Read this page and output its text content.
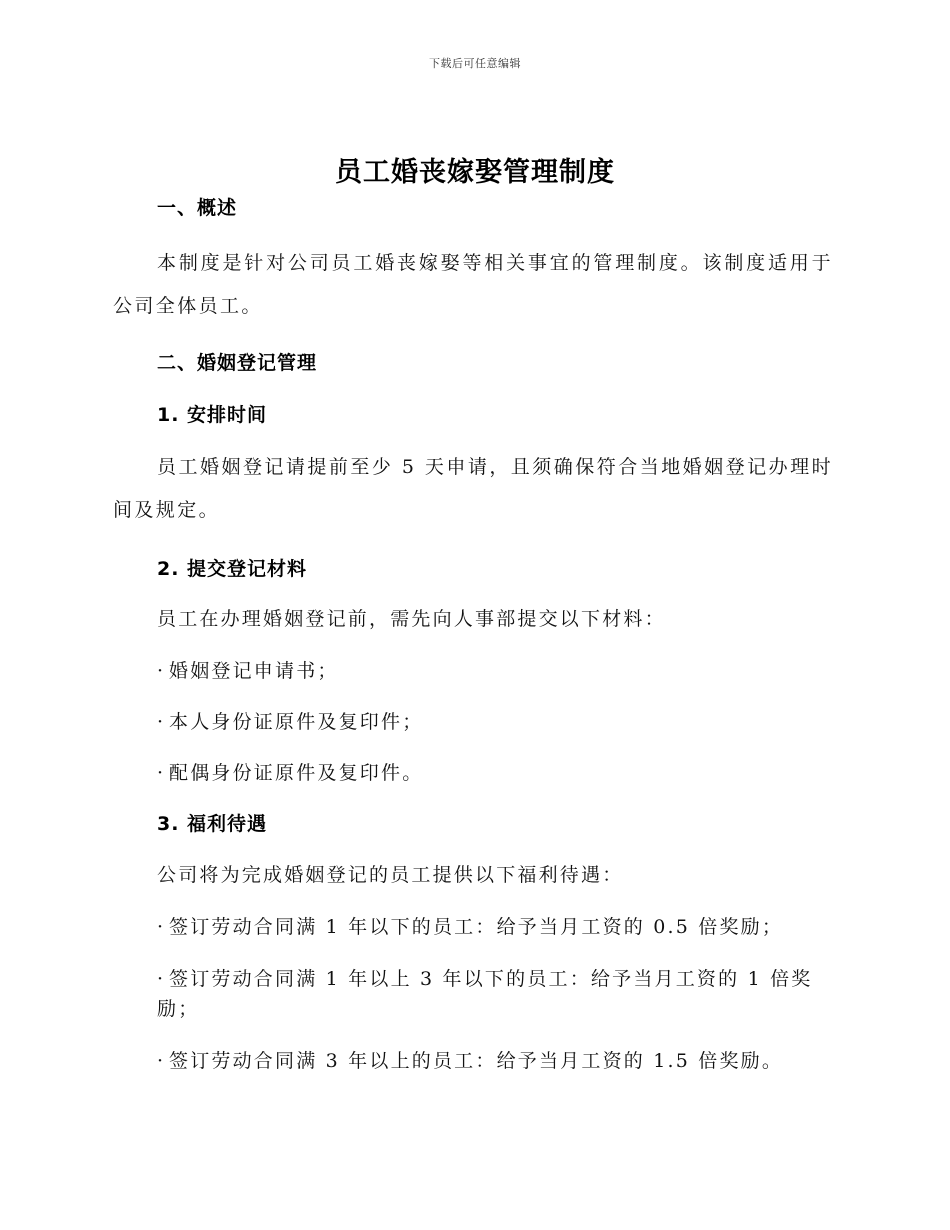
下载后可任意编辑
员工婚丧嫁娶管理制度
一、概述
本制度是针对公司员工婚丧嫁娶等相关事宜的管理制度。该制度适用于公司全体员工。
二、婚姻登记管理
1. 安排时间
员工婚姻登记请提前至少 5 天申请，且须确保符合当地婚姻登记办理时间及规定。
2. 提交登记材料
员工在办理婚姻登记前，需先向人事部提交以下材料：
· 婚姻登记申请书；
· 本人身份证原件及复印件；
· 配偶身份证原件及复印件。
3. 福利待遇
公司将为完成婚姻登记的员工提供以下福利待遇：
· 签订劳动合同满 1 年以下的员工：给予当月工资的 0.5 倍奖励；
· 签订劳动合同满 1 年以上 3 年以下的员工：给予当月工资的 1 倍奖励；
· 签订劳动合同满 3 年以上的员工：给予当月工资的 1.5 倍奖励。
